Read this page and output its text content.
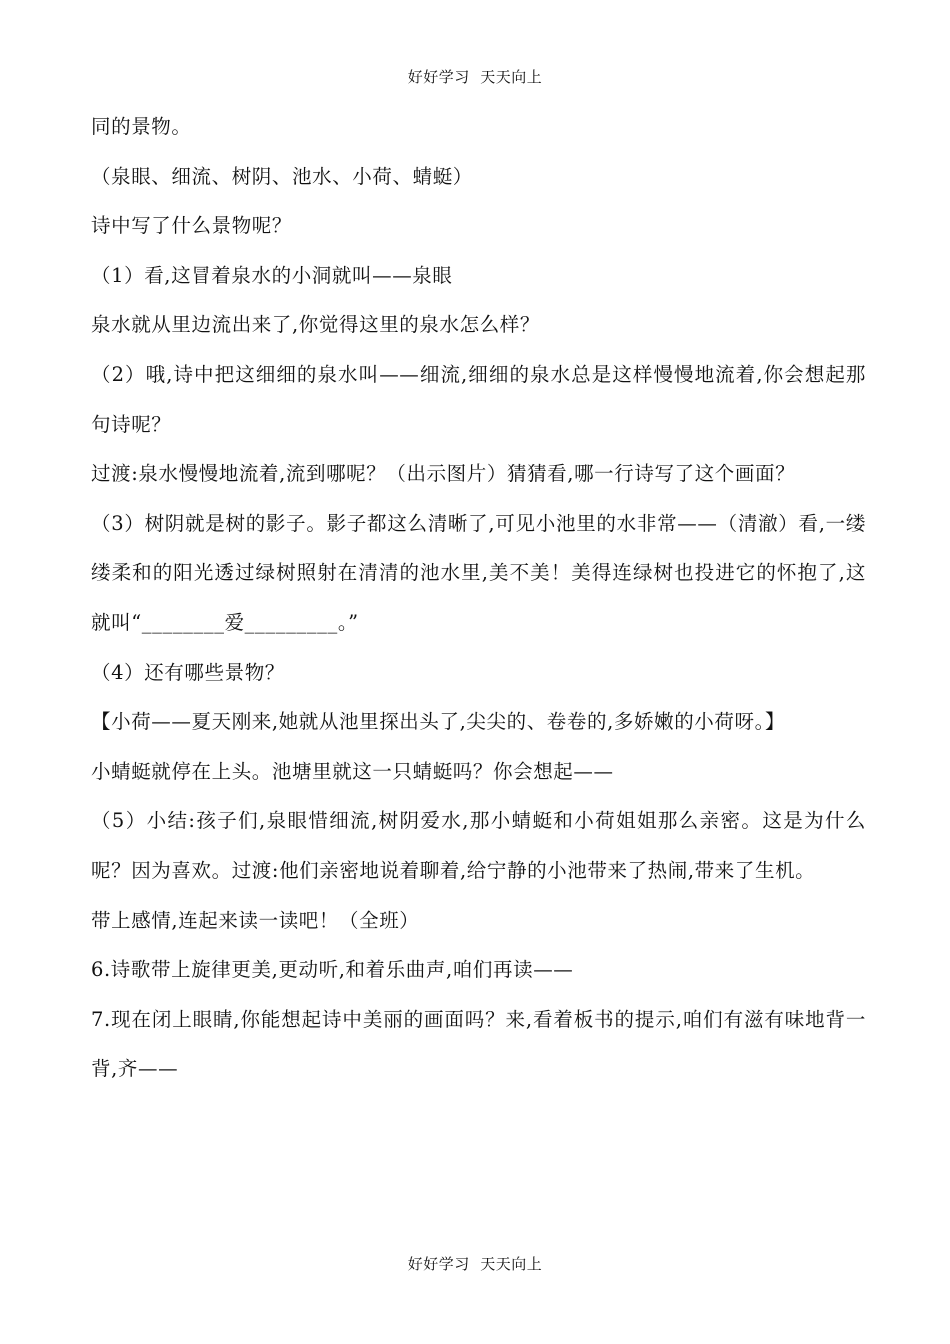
好好学习  天天向上

同的景物。

（泉眼、细流、树阴、池水、小荷、蜻蜓）

诗中写了什么景物呢？

（1）看,这冒着泉水的小洞就叫——泉眼

泉水就从里边流出来了,你觉得这里的泉水怎么样？

（2）哦,诗中把这细细的泉水叫——细流,细细的泉水总是这样慢慢地流着,你会想起那句诗呢？

过渡:泉水慢慢地流着,流到哪呢？（出示图片）猜猜看,哪一行诗写了这个画面？

（3）树阴就是树的影子。影子都这么清晰了,可见小池里的水非常——（清澈）看,一缕缕柔和的阳光透过绿树照射在清清的池水里,美不美！美得连绿树也投进它的怀抱了,这就叫“________爱_________。”

（4）还有哪些景物？

【小荷——夏天刚来,她就从池里探出头了,尖尖的、卷卷的,多娇嫩的小荷呀。】

小蜻蜓就停在上头。池塘里就这一只蜻蜓吗？你会想起——

（5）小结:孩子们,泉眼惜细流,树阴爱水,那小蜻蜓和小荷姐姐那么亲密。这是为什么呢？因为喜欢。过渡:他们亲密地说着聊着,给宁静的小池带来了热闹,带来了生机。

带上感情,连起来读一读吧！（全班）

6.诗歌带上旋律更美,更动听,和着乐曲声,咱们再读——

7.现在闭上眼睛,你能想起诗中美丽的画面吗？来,看着板书的提示,咱们有滋有味地背一背,齐——

好好学习  天天向上
